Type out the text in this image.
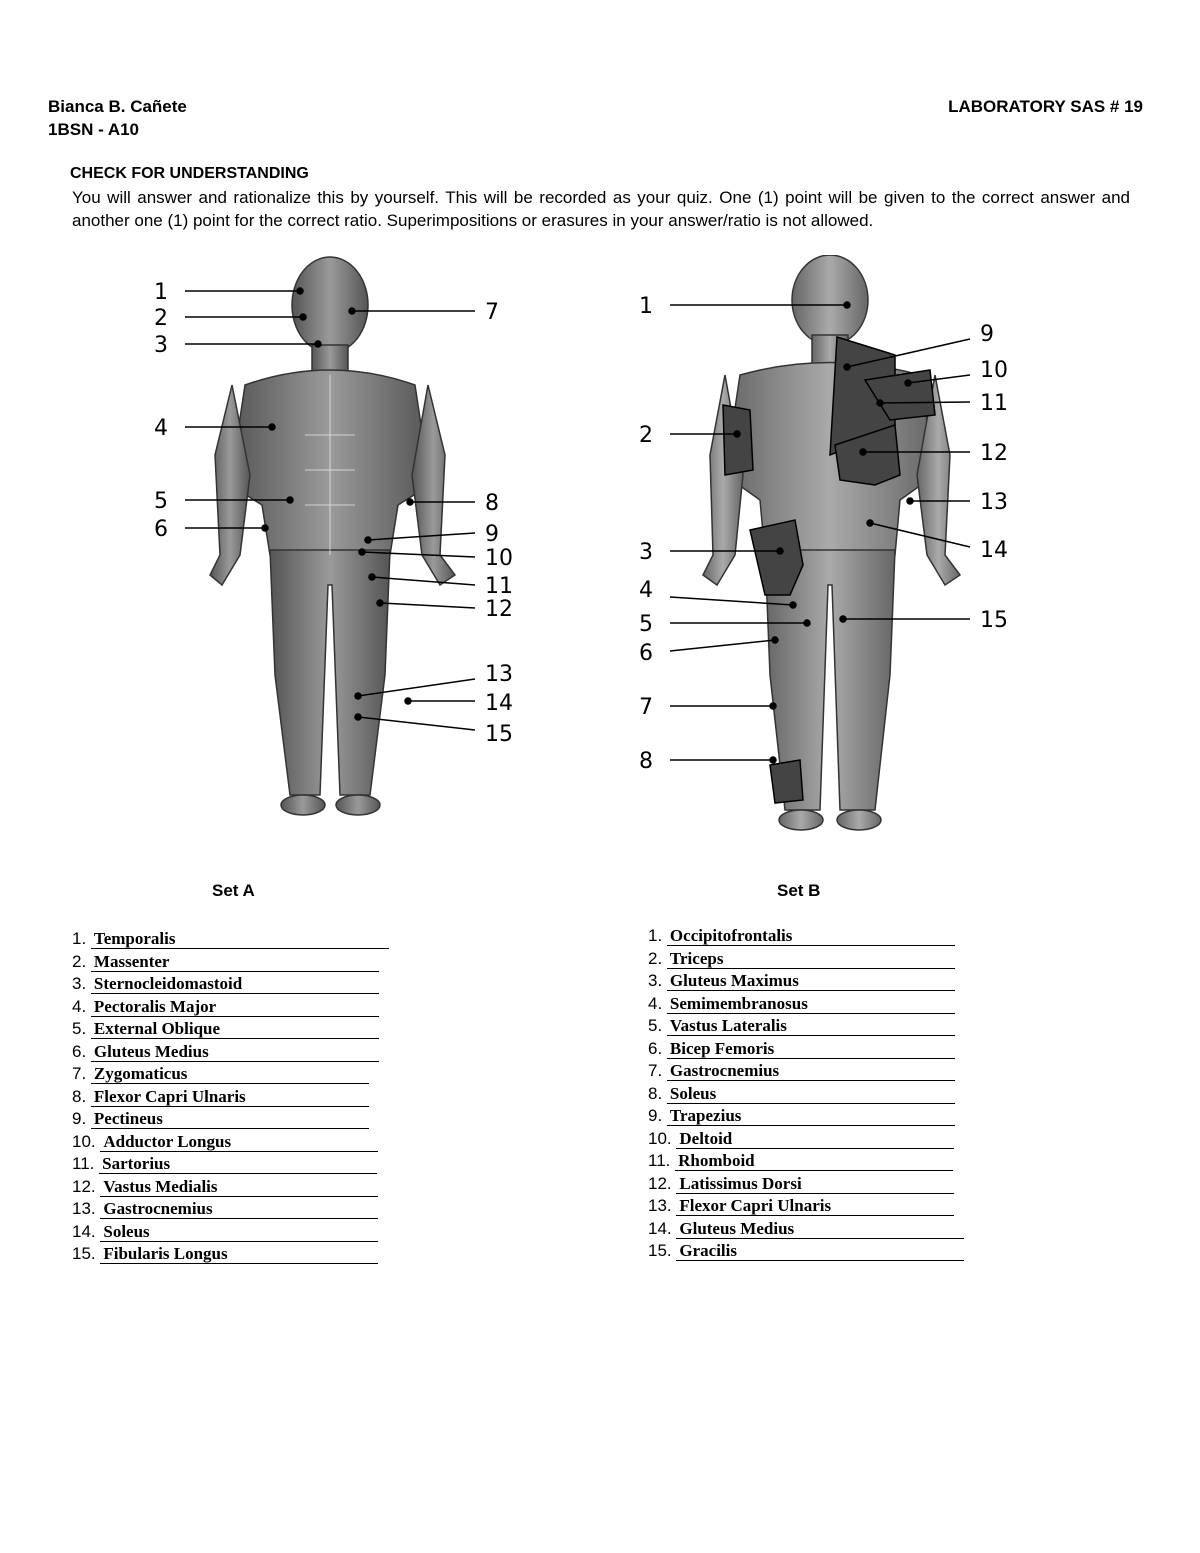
Bianca B. Cañete
1BSN - A10
LABORATORY SAS # 19
CHECK FOR UNDERSTANDING
You will answer and rationalize this by yourself. This will be recorded as your quiz. One (1) point will be given to the correct answer and another one (1) point for the correct ratio. Superimpositions or erasures in your answer/ratio is not allowed.
1
2
3
4
5
6
7
8
9
10
11
12
13
14
15
1
2
3
4
5
6
7
8
9
10
11
12
13
14
15
Set A	Set B
1. Temporalis
2. Massenter
3. Sternocleidomastoid
4. Pectoralis Major
5. External Oblique
6. Gluteus Medius
7. Zygomaticus
8. Flexor Capri Ulnaris
9. Pectineus
10. Adductor Longus
11. Sartorius
12. Vastus Medialis
13. Gastrocnemius
14. Soleus
15. Fibularis Longus
1. Occipitofrontalis
2. Triceps
3. Gluteus Maximus
4. Semimembranosus
5. Vastus Lateralis
6. Bicep Femoris
7. Gastrocnemius
8. Soleus
9. Trapezius
10. Deltoid
11. Rhomboid
12. Latissimus Dorsi
13. Flexor Capri Ulnaris
14. Gluteus Medius
15. Gracilis
